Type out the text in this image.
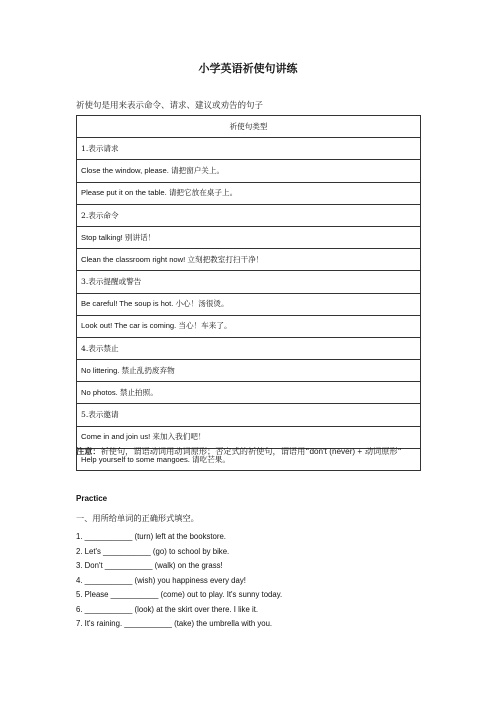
小学英语祈使句讲练
祈使句是用来表示命令、请求、建议或劝告的句子
祈使句类型
1.表示请求
Close the window, please. 请把窗户关上。
Please put it on the table. 请把它放在桌子上。
2.表示命令
Stop talking! 别讲话！
Clean the classroom right now! 立刻把教室打扫干净！
3.表示提醒或警告
Be careful! The soup is hot. 小心！汤很烫。
Look out! The car is coming. 当心！车来了。
4.表示禁止
No littering. 禁止乱扔废弃物
No photos. 禁止拍照。
5.表示邀请
Come in and join us! 来加入我们吧！
Help yourself to some mangoes. 请吃芒果。
注意：祈使句，谓语动词用动词原形；否定式的祈使句，谓语用“don't (never) + 动词原形”
Practice
一、用所给单词的正确形式填空。
1. ___________ (turn) left at the bookstore.
2. Let's ___________ (go) to school by bike.
3. Don't ___________ (walk) on the grass!
4. ___________ (wish) you happiness every day!
5. Please ___________ (come) out to play. It's sunny today.
6. ___________ (look) at the skirt over there. I like it.
7. It's raining. ___________ (take) the umbrella with you.
